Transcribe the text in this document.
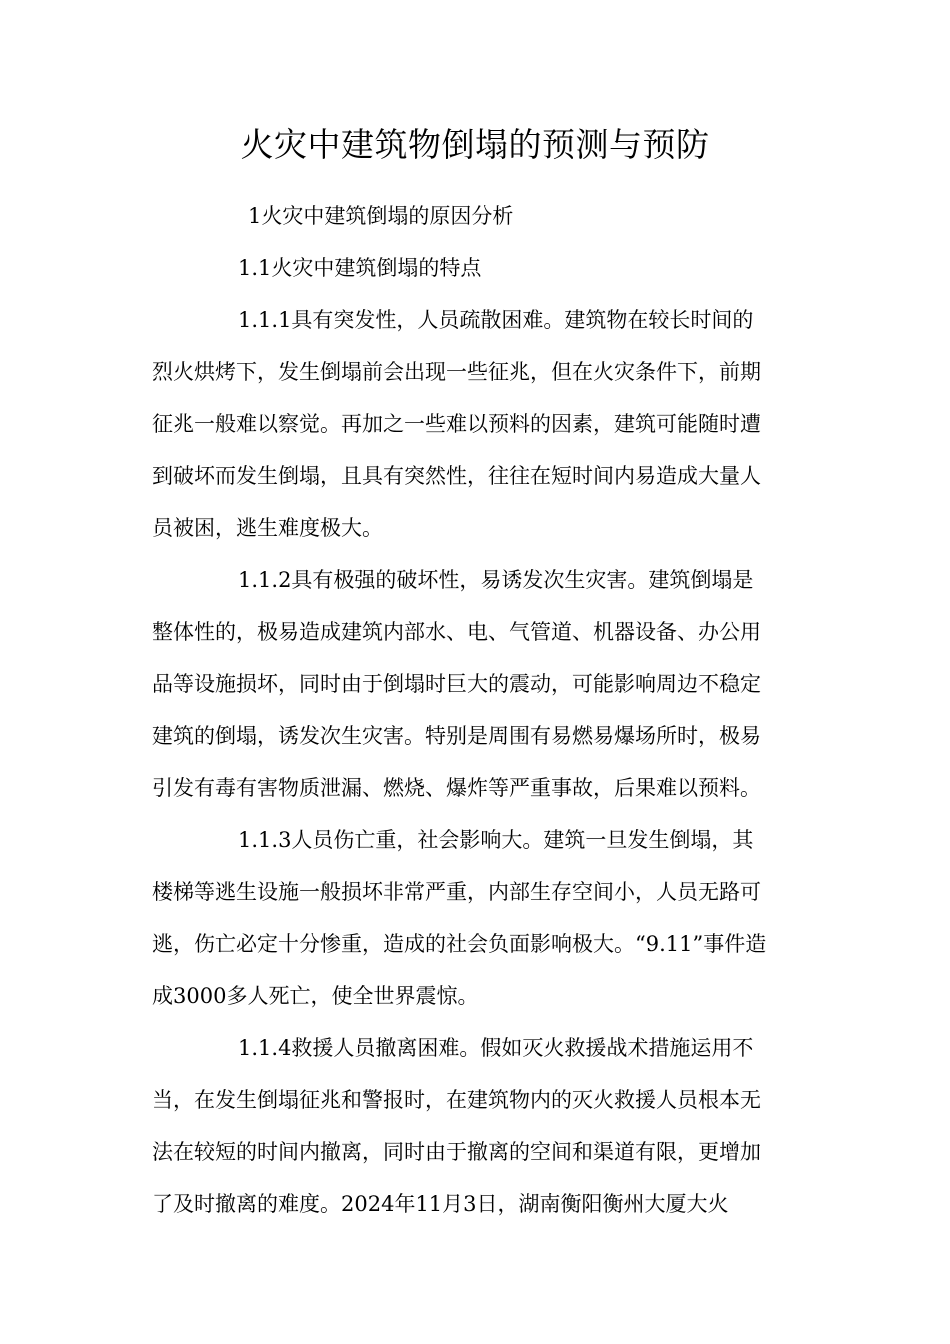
火灾中建筑物倒塌的预测与预防
1火灾中建筑倒塌的原因分析
1.1火灾中建筑倒塌的特点

1.1.1具有突发性，人员疏散困难。建筑物在较长时间的

烈火烘烤下，发生倒塌前会出现一些征兆，但在火灾条件下，前期

征兆一般难以察觉。再加之一些难以预料的因素，建筑可能随时遭

到破坏而发生倒塌，且具有突然性，往往在短时间内易造成大量人

员被困，逃生难度极大。

1.1.2具有极强的破坏性，易诱发次生灾害。建筑倒塌是

整体性的，极易造成建筑内部水、电、气管道、机器设备、办公用

品等设施损坏，同时由于倒塌时巨大的震动，可能影响周边不稳定

建筑的倒塌，诱发次生灾害。特别是周围有易燃易爆场所时，极易

引发有毒有害物质泄漏、燃烧、爆炸等严重事故，后果难以预料。

1.1.3人员伤亡重，社会影响大。建筑一旦发生倒塌，其

楼梯等逃生设施一般损坏非常严重，内部生存空间小，人员无路可

逃，伤亡必定十分惨重，造成的社会负面影响极大。“9.11”事件造

成3000多人死亡，使全世界震惊。

1.1.4救援人员撤离困难。假如灭火救援战术措施运用不

当，在发生倒塌征兆和警报时，在建筑物内的灭火救援人员根本无

法在较短的时间内撤离，同时由于撤离的空间和渠道有限，更增加

了及时撤离的难度。2024年11月3日，湖南衡阳衡州大厦大火
